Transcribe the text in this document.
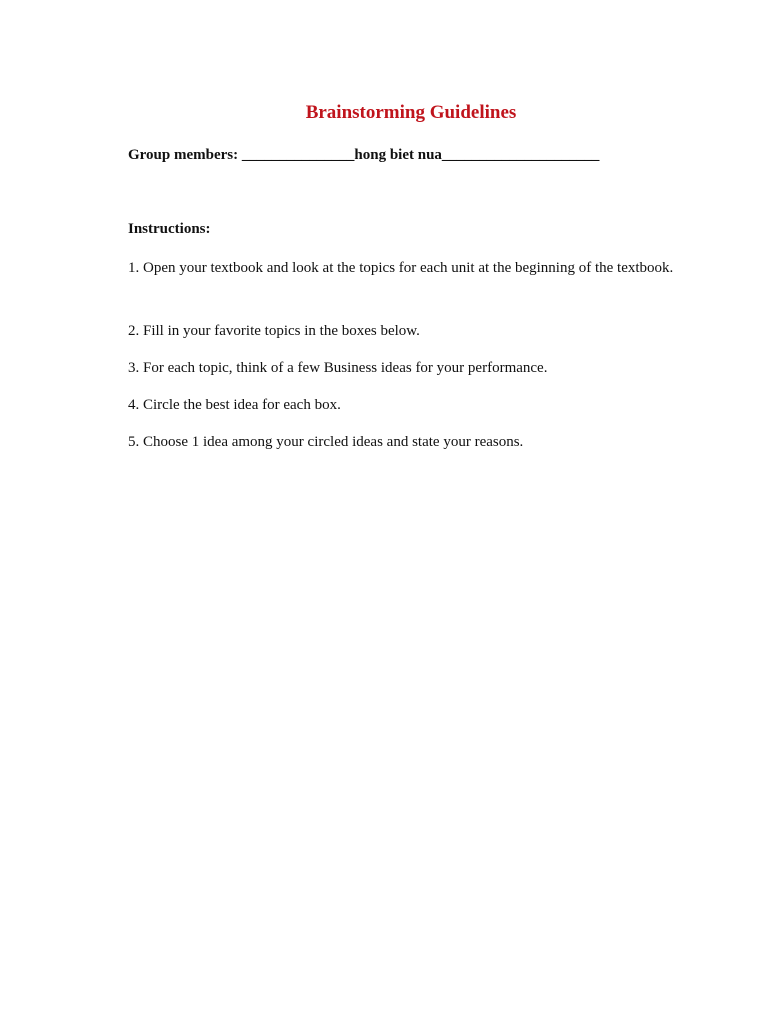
Brainstorming Guidelines
Group members: _______________hong biet nua_____________________
Instructions:

1. Open your textbook and look at the topics for each unit at the beginning of the textbook.

2. Fill in your favorite topics in the boxes below.

3. For each topic, think of a few Business ideas for your performance.

4. Circle the best idea for each box.

5. Choose 1 idea among your circled ideas and state your reasons.
